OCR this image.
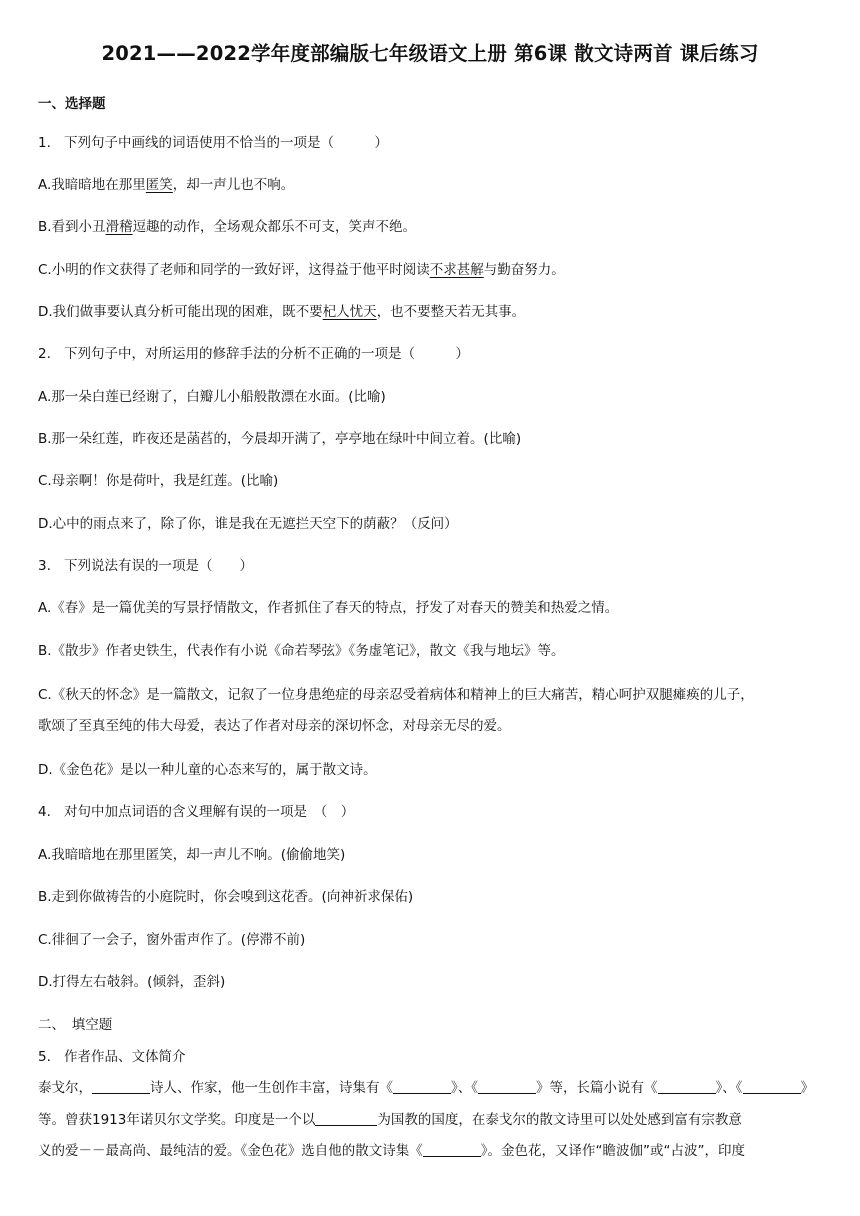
2021——2022学年度部编版七年级语文上册 第6课 散文诗两首 课后练习
一、选择题
1. 下列句子中画线的词语使用不恰当的一项是（　　　）
A.我暗暗地在那里匿笑，却一声儿也不响。
B.看到小丑滑稽逗趣的动作，全场观众都乐不可支，笑声不绝。
C.小明的作文获得了老师和同学的一致好评，这得益于他平时阅读不求甚解与勤奋努力。
D.我们做事要认真分析可能出现的困难，既不要杞人忧天，也不要整天若无其事。
2. 下列句子中，对所运用的修辞手法的分析不正确的一项是（　　　）
A.那一朵白莲已经谢了，白瓣儿小船般散漂在水面。(比喻)
B.那一朵红莲，昨夜还是菡萏的，今晨却开满了，亭亭地在绿叶中间立着。(比喻)
C.母亲啊！你是荷叶，我是红莲。(比喻)
D.心中的雨点来了，除了你，谁是我在无遮拦天空下的荫蔽？（反问）
3. 下列说法有误的一项是（　　）
A.《春》是一篇优美的写景抒情散文，作者抓住了春天的特点，抒发了对春天的赞美和热爱之情。
B.《散步》作者史铁生，代表作有小说《命若琴弦》《务虚笔记》，散文《我与地坛》等。
C.《秋天的怀念》是一篇散文，记叙了一位身患绝症的母亲忍受着病体和精神上的巨大痛苦，精心呵护双腿瘫痪的儿子，
歌颂了至真至纯的伟大母爱，表达了作者对母亲的深切怀念，对母亲无尽的爱。
D.《金色花》是以一种儿童的心态来写的，属于散文诗。
4. 对句中加点词语的含义理解有误的一项是　（　）
A.我暗暗地在那里匿笑，却一声儿不响。(偷偷地笑)
B.走到你做祷告的小庭院时，你会嗅到这花香。(向神祈求保佑)
C.徘徊了一会子，窗外雷声作了。(停滞不前)
D.打得左右攲斜。(倾斜，歪斜)
二、　填空题
5. 作者作品、文体简介
泰戈尔，	诗人、作家，他一生创作丰富，诗集有《	》、《	》等，长篇小说有《	》、《	》
等。曾获1913年诺贝尔文学奖。印度是一个以	为国教的国度，在泰戈尔的散文诗里可以处处感到富有宗教意
义的爱－－最高尚、最纯洁的爱。《金色花》选自他的散文诗集《	》。金色花，又译作“瞻波伽”或“占波”，印度
